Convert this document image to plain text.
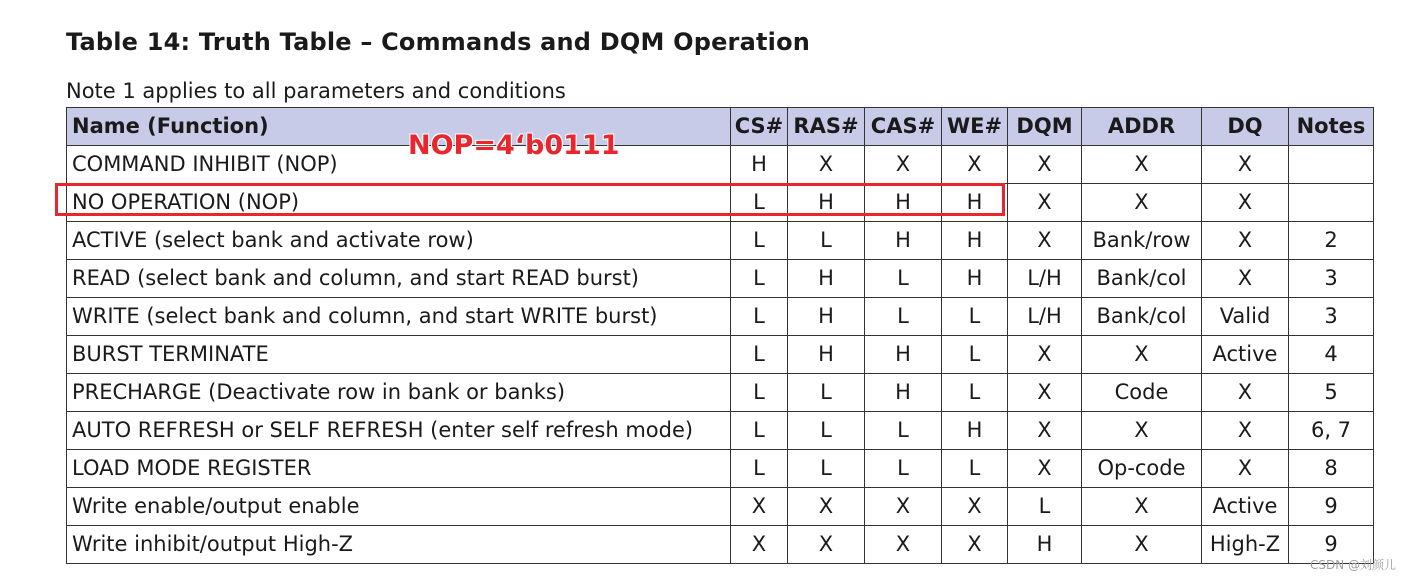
Table 14: Truth Table – Commands and DQM Operation
Note 1 applies to all parameters and conditions
Name (Function)	CS#	RAS#	CAS#	WE#	DQM	ADDR	DQ	Notes
COMMAND INHIBIT (NOP)	H	X	X	X	X	X	X	
NO OPERATION (NOP)	L	H	H	H	X	X	X	
ACTIVE (select bank and activate row)	L	L	H	H	X	Bank/row	X	2
READ (select bank and column, and start READ burst)	L	H	L	H	L/H	Bank/col	X	3
WRITE (select bank and column, and start WRITE burst)	L	H	L	L	L/H	Bank/col	Valid	3
BURST TERMINATE	L	H	H	L	X	X	Active	4
PRECHARGE (Deactivate row in bank or banks)	L	L	H	L	X	Code	X	5
AUTO REFRESH or SELF REFRESH (enter self refresh mode)	L	L	L	H	X	X	X	6, 7
LOAD MODE REGISTER	L	L	L	L	X	Op-code	X	8
Write enable/output enable	X	X	X	X	L	X	Active	9
Write inhibit/output High-Z	X	X	X	X	H	X	High-Z	9
NOP=4‘b0111
CSDN @刘颜儿
